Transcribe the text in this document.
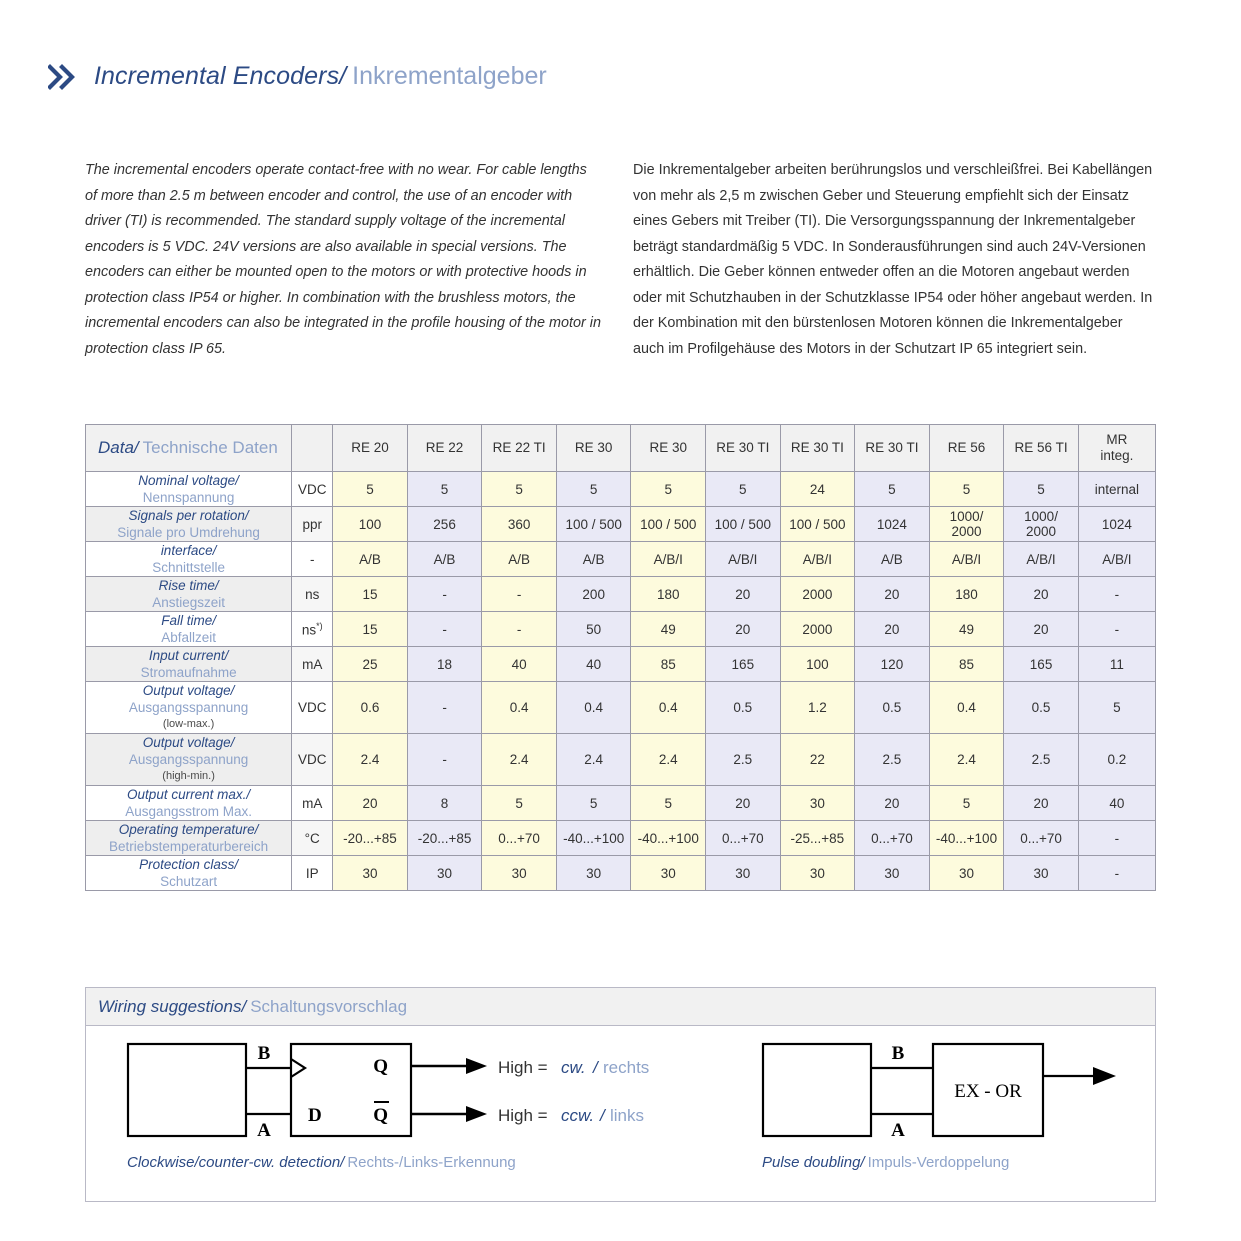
Incremental Encoders/ Inkrementalgeber
The incremental encoders operate contact-free with no wear. For cable lengths of more than 2.5 m between encoder and control, the use of an encoder with driver (TI) is recommended. The standard supply voltage of the incremental encoders is 5 VDC. 24V versions are also available in special versions. The encoders can either be mounted open to the motors or with protective hoods in protection class IP54 or higher. In combination with the brushless motors, the incremental encoders can also be integrated in the profile housing of the motor in protection class IP 65.
Die Inkrementalgeber arbeiten berührungslos und verschleißfrei. Bei Kabellängen von mehr als 2,5 m zwischen Geber und Steuerung empfiehlt sich der Einsatz eines Gebers mit Treiber (TI). Die Versorgungsspannung der Inkrementalgeber beträgt standardmäßig 5 VDC. In Sonderausführungen sind auch 24V-Versionen erhältlich. Die Geber können entweder offen an die Motoren angebaut werden oder mit Schutzhauben in der Schutzklasse IP54 oder höher angebaut werden. In der Kombination mit den bürstenlosen Motoren können die Inkrementalgeber auch im Profilgehäuse des Motors in der Schutzart IP 65 integriert sein.
Data/ Technische Daten		RE 20	RE 22	RE 22 TI	RE 30	RE 30	RE 30 TI	RE 30 TI	RE 30 TI	RE 56	RE 56 TI	MR
integ.
Nominal voltage/
Nennspannung	VDC	5	5	5	5	5	5	24	5	5	5	internal
Signals per rotation/
Signale pro Umdrehung	ppr	100	256	360	100 / 500	100 / 500	100 / 500	100 / 500	1024	1000/
2000	1000/
2000	1024
interface/
Schnittstelle	-	A/B	A/B	A/B	A/B	A/B/I	A/B/I	A/B/I	A/B	A/B/I	A/B/I	A/B/I
Rise time/
Anstiegszeit	ns	15	-	-	200	180	20	2000	20	180	20	-
Fall time/
Abfallzeit	ns*)	15	-	-	50	49	20	2000	20	49	20	-
Input current/
Stromaufnahme	mA	25	18	40	40	85	165	100	120	85	165	11
Output voltage/
Ausgangsspannung
(low-max.)	VDC	0.6	-	0.4	0.4	0.4	0.5	1.2	0.5	0.4	0.5	5
Output voltage/
Ausgangsspannung
(high-min.)	VDC	2.4	-	2.4	2.4	2.4	2.5	22	2.5	2.4	2.5	0.2
Output current max./
Ausgangsstrom Max.	mA	20	8	5	5	5	20	30	20	5	20	40
Operating temperature/
Betriebstemperaturbereich	°C	-20...+85	-20...+85	0...+70	-40...+100	-40...+100	0...+70	-25...+85	0...+70	-40...+100	0...+70	-
Protection class/
Schutzart	IP	30	30	30	30	30	30	30	30	30	30	-
Wiring suggestions / Schaltungsvorschlag
B
A
D
Q
Q
High = cw. / rechts
High = ccw. / links
B
A
EX - OR
Clockwise/counter-cw. detection/ Rechts-/Links-Erkennung	Pulse doubling/ Impuls-Verdoppelung
